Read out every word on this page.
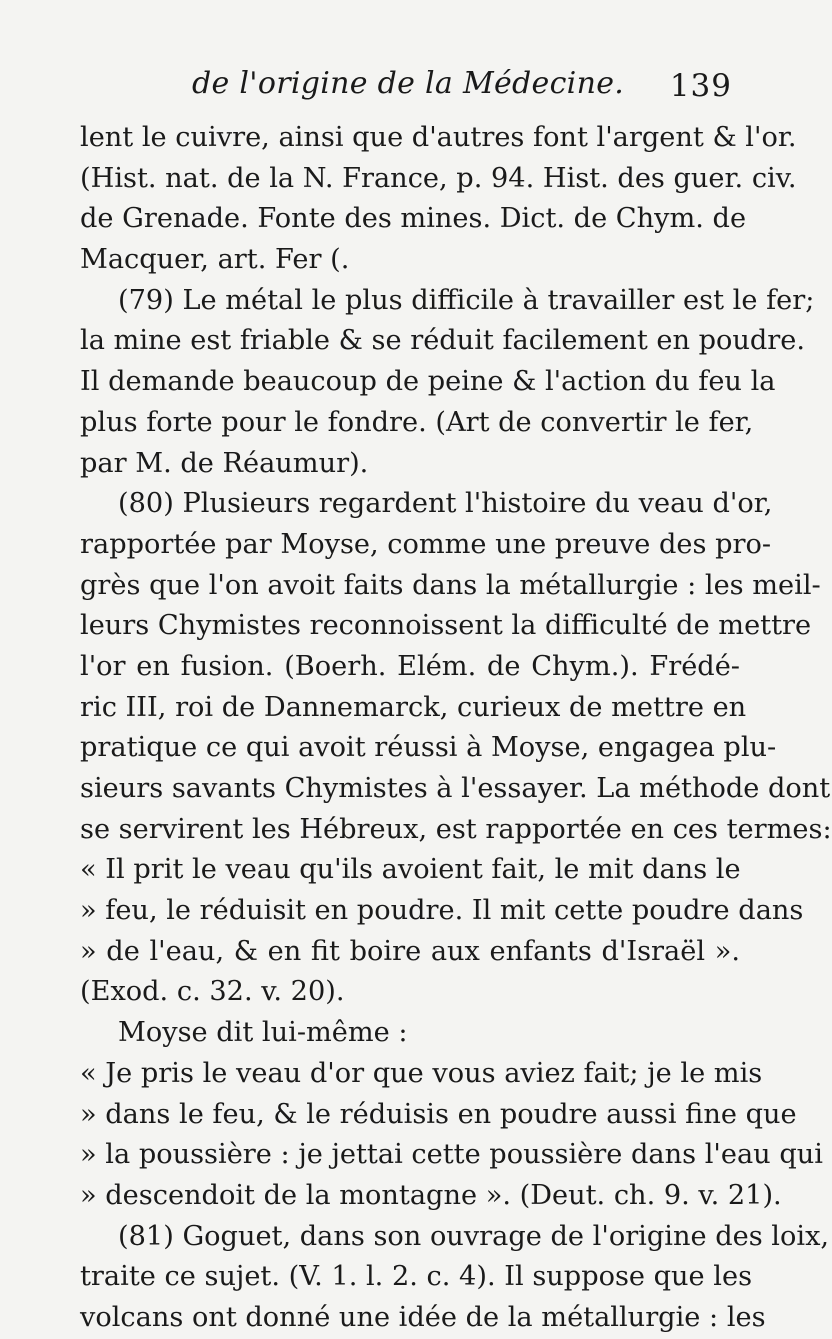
de l'origine de la Médecine. 139
lent le cuivre, ainsi que d'autres font l'argent & l'or.
(Hist. nat. de la N. France, p. 94. Hist. des guer. civ.
de Grenade. Fonte des mines. Dict. de Chym. de
Macquer, art. Fer (.
(79) Le métal le plus difficile à travailler est le fer;
la mine est friable & se réduit facilement en poudre.
Il demande beaucoup de peine & l'action du feu la
plus forte pour le fondre. (Art de convertir le fer,
par M. de Réaumur).
(80) Plusieurs regardent l'histoire du veau d'or,
rapportée par Moyse, comme une preuve des pro-
grès que l'on avoit faits dans la métallurgie : les meil-
leurs Chymistes reconnoissent la difficulté de mettre
l'or en fusion. (Boerh. Elém. de Chym.). Frédé-
ric III, roi de Dannemarck, curieux de mettre en
pratique ce qui avoit réussi à Moyse, engagea plu-
sieurs savants Chymistes à l'essayer. La méthode dont
se servirent les Hébreux, est rapportée en ces termes:
« Il prit le veau qu'ils avoient fait, le mit dans le
» feu, le réduisit en poudre. Il mit cette poudre dans
» de l'eau, & en fit boire aux enfants d'Israël ».
(Exod. c. 32. v. 20).
Moyse dit lui-même :
« Je pris le veau d'or que vous aviez fait; je le mis
» dans le feu, & le réduisis en poudre aussi fine que
» la poussière : je jettai cette poussière dans l'eau qui
» descendoit de la montagne ». (Deut. ch. 9. v. 21).
(81) Goguet, dans son ouvrage de l'origine des loix,
traite ce sujet. (V. 1. l. 2. c. 4). Il suppose que les
volcans ont donné une idée de la métallurgie : les
